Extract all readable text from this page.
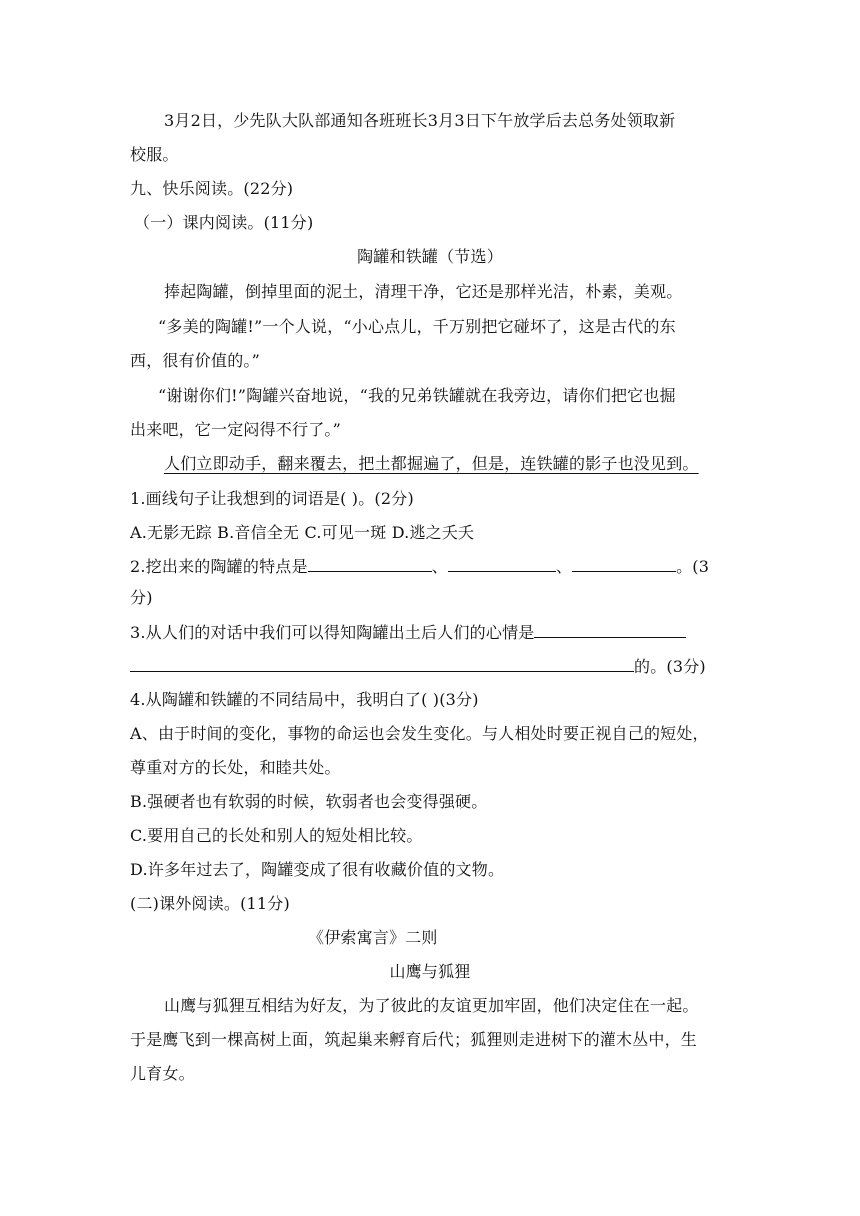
3月2日，少先队大队部通知各班班长3月3日下午放学后去总务处领取新
校服。
九、快乐阅读。(22分)
（一）课内阅读。(11分)
陶罐和铁罐（节选）
捧起陶罐，倒掉里面的泥土，清理干净，它还是那样光洁，朴素，美观。
“多美的陶罐!”一个人说，“小心点儿，千万别把它碰坏了，这是古代的东
西，很有价值的。”
“谢谢你们!”陶罐兴奋地说，“我的兄弟铁罐就在我旁边，请你们把它也掘
出来吧，它一定闷得不行了。”
人们立即动手，翻来覆去，把土都掘遍了，但是，连铁罐的影子也没见到。
1.画线句子让我想到的词语是( )。(2分)
A.无影无踪 B.音信全无 C.可见一斑 D.逃之夭夭
2.挖出来的陶罐的特点是	、	、	。(3
分)
3.从人们的对话中我们可以得知陶罐出土后人们的心情是
的。(3分)
4.从陶罐和铁罐的不同结局中，我明白了( )(3分)
A、由于时间的变化，事物的命运也会发生变化。与人相处时要正视自己的短处，
尊重对方的长处，和睦共处。
B.强硬者也有软弱的时候，软弱者也会变得强硬。
C.要用自己的长处和别人的短处相比较。
D.许多年过去了，陶罐变成了很有收藏价值的文物。
(二)课外阅读。(11分)
《伊索寓言》二则
山鹰与狐狸
山鹰与狐狸互相结为好友，为了彼此的友谊更加牢固，他们决定住在一起。
于是鹰飞到一棵高树上面，筑起巢来孵育后代；狐狸则走进树下的灌木丛中，生
儿育女。
